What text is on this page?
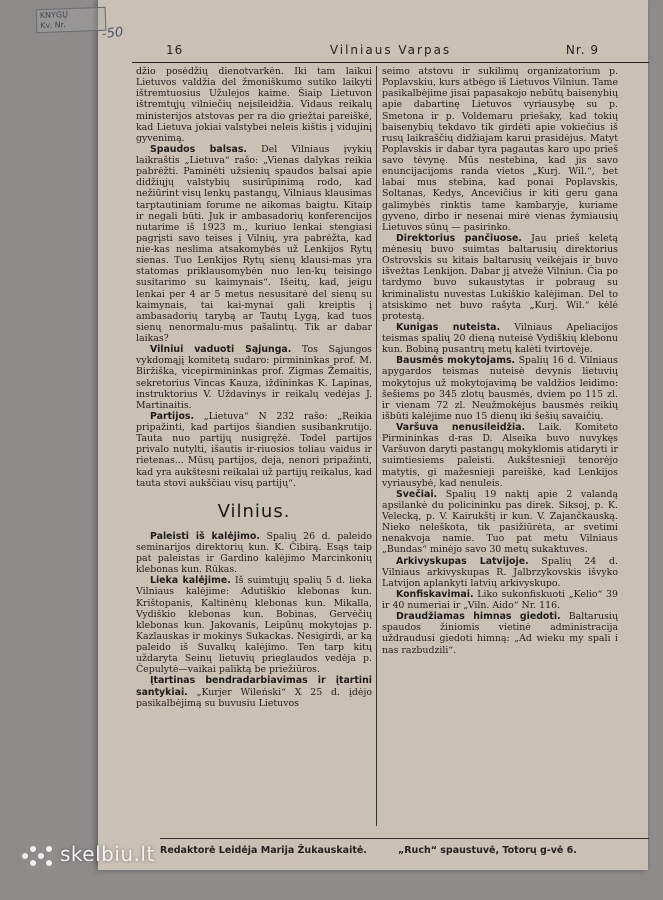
KNYGŲ
Kv. Nr.	-50
16	Vilniaus Varpas	Nr. 9

džio posėdžių dienotvarkėn. Iki tam laikui Lietuvos valdžia del žmoniškumo sutiko laikyti ištremtuosius Užulejos kaime. Šiaip Lietuvon ištremtųjų vilniečių neįsileidžia. Vidaus reikalų ministerijos atstovas per ra dio griežtai pareiškė, kad Lietuva jokiai valstybei neleis kištis į vidujinį gyvenimą.

Spaudos balsas. Del Vilniaus įvykių laikraštis „Lietuva“ rašo: „Vienas dalykas reikia pabrėžti. Paminėti užsienių spaudos balsai apie didžiųjų valstybių susirūpinimą rodo, kad nežiūrint visų lenkų pastangų, Vilniaus klausimas tarptautiniam forume ne aikomas baigtu. Kitaip ir negali būti. Juk ir ambasadorių konferencijos nutarime iš 1923 m., kuriuo lenkai stengiasi pagrįsti savo teises į Vilnių, yra pabrėžta, kad nie-kas neslima atsakomybės už Lenkijos Rytų sienas. Tuo Lenkijos Rytų sienų klausi-mas yra statomas priklausomybėn nuo len-kų teisingo susitarimo su kaimynais“. Išeitų, kad, jeigu lenkai per 4 ar 5 metus nesusitarė del sienų su kaimynais, tai kai-mynai gali kreiptis į ambasadorių tarybą ar Tautų Lygą, kad tuos sienų nenormalu-mus pašalintų. Tik ar dabar laikas?

Vilniui vaduoti Sąjunga. Tos Sąjungos vykdomąjį komitetą sudaro: pirmininkas prof. M. Biržiška, vicepirmininkas prof. Zigmas Žemaitis, sekretorius Vincas Kauza, iždininkas K. Lapinas, instruktorius V. Uždavinys ir reikalų vedėjas J. Martinaitis.

Partijos. „Lietuva“ N 232 rašo: „Reikia pripažinti, kad partijos šiandien susibankrutijo. Tauta nuo partijų nusigręžė. Todel partijos privalo nutylti, išautis ir-riuosios toliau vaidus ir rietenas... Mūsų partijos, deja, nenori pripažinti, kad yra aukštesni reikalai už partijų reikalus, kad tauta stovi aukščiau visų partijų“.

Vilnius.

Paleisti iš kalėjimo. Spalių 26 d. paleido seminarijos direktorių kun. K. Čibirą. Esąs taip pat paleistas ir Gardino kalėjimo Marcinkonių klebonas kun. Rūkas.

Lieka kalėjime. Iš suimtųjų spalių 5 d. lieka Vilniaus kalėjime: Adutiškio klebonas kun. Krištopanis, Kaltinėnų klebonas kun. Mikalla, Vydiškio klebonas kun. Bobinas, Gervėčių klebonas kun. Jakovanis, Leipūnų mokytojas p. Kazlauskas ir mokinys Sukackas. Nesigirdi, ar ką paleido iš Suvalkų kalėjimo. Ten tarp kitų uždaryta Seinų lietuvių prieglaudos vedėja p. Čepulytė—vaikai paliktą be priežiūros.

Įtartinas bendradarbiavimas ir įtartini santykiai. „Kurjer Wileński“ X 25 d. įdėjo pasikalbėjimą su buvusiu Lietuvos

seimo atstovu ir sukilimų organizatorium p. Poplavskiu, kurs atbėgo iš Lietuvos Vilniun. Tame pasikalbėjime jisai papasakojo nebūtų baisenybių apie dabartinę Lietuvos vyriausybę su p. Smetona ir p. Voldemaru priešaky, kad tokių baisenybių tekdavo tik girdėti apie vokiečius iš rusų laikraščių didžiajam karui prasidėjus. Matyt Poplavskis ir dabar tyra pagautas karo upo prieš savo tėvynę. Mūs nestebina, kad jis savo enuncijacijoms randa vietos „Kurj. Wil.“, bet labai mus stebina, kad ponai Poplavskis, Soltanas, Kedys, Ancevičius ir kiti geru gana galimybės rinktis tame kambaryje, kuriame gyveno, dirbo ir nesenai mirė vienas žymiausių Lietuvos sūnų — pasirinko.

Direktorius pančiuose. Jau prieš keletą mėnesių buvo suimtas baltarusių direktorius Ostrovskis su kitais baltarusių veikėjais ir buvo išvežtas Lenkijon. Dabar jį atvežė Vilniun. Čia po tardymo buvo sukaustytas ir pobraug su kriminalistu nuvestas Lukiškio kalėjiman. Del to atsiskimo net buvo rašyta „Kurj. Wil.“ kėlė protestą.

Kunigas nuteista. Vilniaus Apeliacijos teismas spalių 20 dieną nuteisė Vydiškių klebonu kun. Bobiną pusantrų metų kalėti tvirtovėje.

Bausmės mokytojams. Spalių 16 d. Vilniaus apygardos teismas nuteisė devynis lietuvių mokytojus už mokytojavimą be valdžios leidimo: šešiems po 345 zlotų bausmės, dviem po 115 zl. ir vienam 72 zl. Neužmokėjus bausmės reikių išbūti kalėjime nuo 15 dienų iki šešių savaičių.

Varšuva nenusileidžia. Laik. Komiteto Pirmininkas d-ras D. Alseika buvo nuvykęs Varšuvon daryti pastangų mokyklomis atidaryti ir suimtiesiems paleisti. Aukštesnieji tenorėjo matytis, gi mažesnieji pareiškė, kad Lenkijos vyriausybė, kad nenuleis.

Svečiai. Spalių 19 naktį apie 2 valandą apsilankė du policininku pas direk. Siksoj, p. K. Velecką, p. V. Kairukštį ir kun. V. Zajančkauską. Nieko neleškota, tik pasižiūrėta, ar svetimi nenakvoja namie. Tuo pat metu Vilniaus „Bundas“ minėjo savo 30 metų sukaktuves.

Arkivyskupas Latvijoje. Spalių 24 d. Vilniaus arkivyskupas R. Jalbrzykovskis išvyko Latvijon aplankyti latvių arkivyskupo.

Konfiskavimai. Liko sukonfiskuoti „Kelio“ 39 ir 40 numeriai ir „Viln. Aido“ Nr. 116.

Draudžiamas himnas giedoti. Baltarusių spaudos žiniomis vietinė administracija uždraudusi giedoti himną: „Ad wieku my spali i nas razbudzili“.

Redaktorė Leidėja Marija Žukauskaitė.	„Ruch“ spaustuvė, Totorų g-vė 6.
skelbiu.lt
